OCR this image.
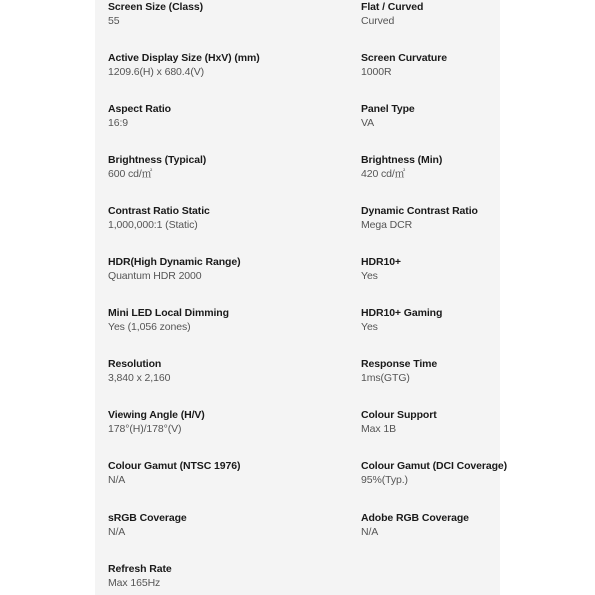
Screen Size (Class)
55
Flat / Curved
Curved
Active Display Size (HxV) (mm)
1209.6(H) x 680.4(V)
Screen Curvature
1000R
Aspect Ratio
16:9
Panel Type
VA
Brightness (Typical)
600 cd/㎡
Brightness (Min)
420 cd/㎡
Contrast Ratio Static
1,000,000:1 (Static)
Dynamic Contrast Ratio
Mega DCR
HDR(High Dynamic Range)
Quantum HDR 2000
HDR10+
Yes
Mini LED Local Dimming
Yes (1,056 zones)
HDR10+ Gaming
Yes
Resolution
3,840 x 2,160
Response Time
1ms(GTG)
Viewing Angle (H/V)
178°(H)/178°(V)
Colour Support
Max 1B
Colour Gamut (NTSC 1976)
N/A
Colour Gamut (DCI Coverage)
95%(Typ.)
sRGB Coverage
N/A
Adobe RGB Coverage
N/A
Refresh Rate
Max 165Hz
